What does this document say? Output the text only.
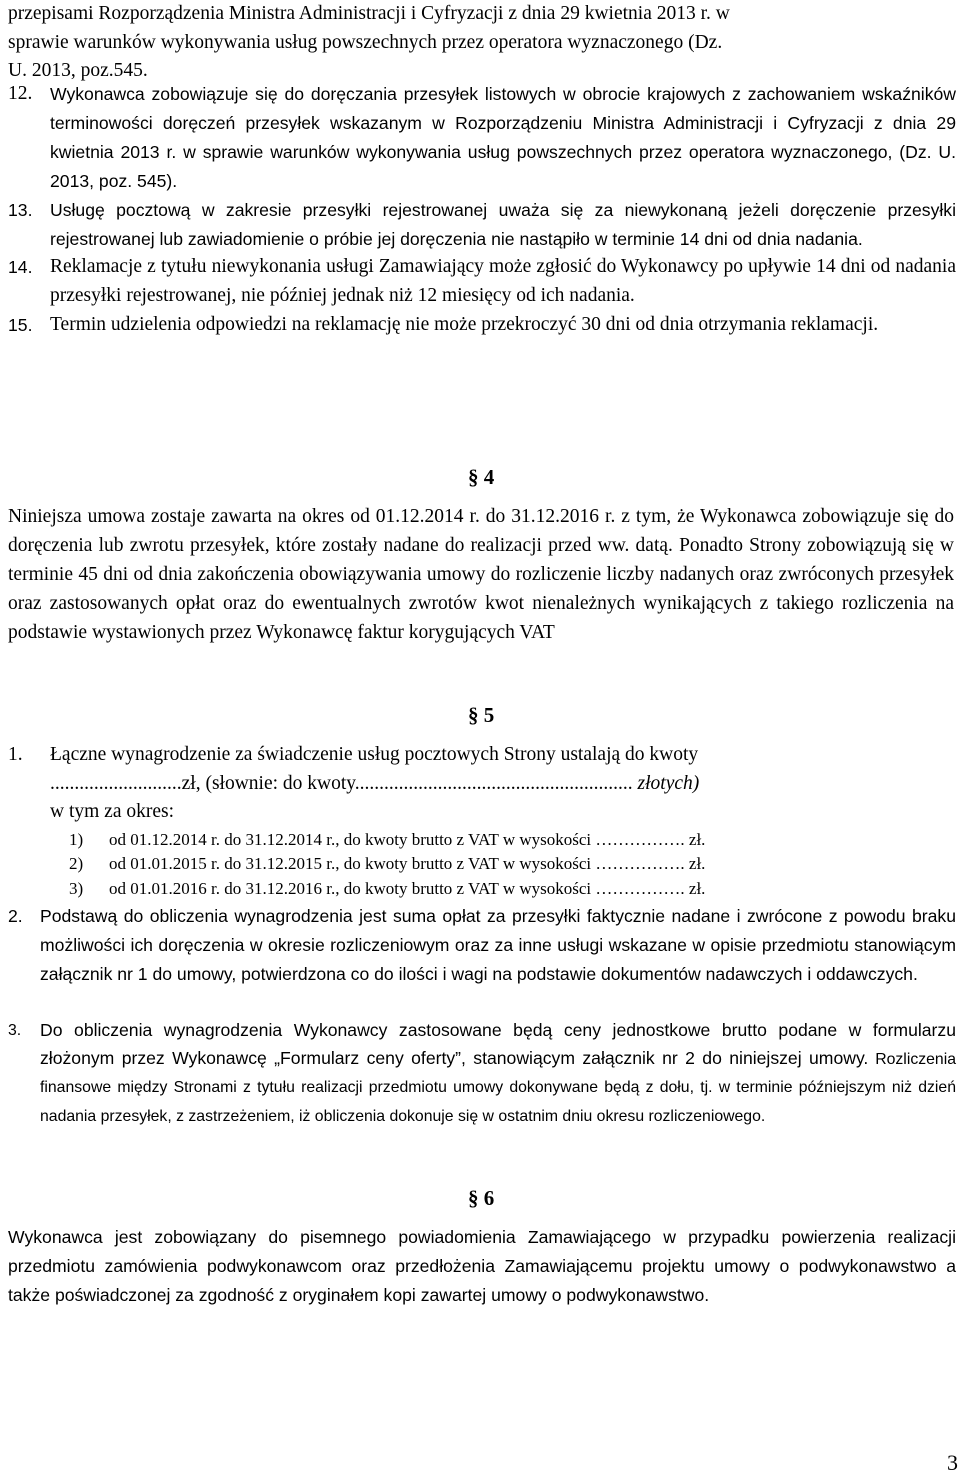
przepisami Rozporządzenia Ministra Administracji i Cyfryzacji z dnia 29 kwietnia 2013 r. w

sprawie warunków wykonywania usług powszechnych przez operatora wyznaczonego (Dz.

U. 2013, poz.545.

12.	Wykonawca zobowiązuje się do doręczania przesyłek listowych w obrocie krajowych z zachowaniem wskaźników terminowości doręczeń przesyłek wskazanym w Rozporządzeniu Ministra Administracji i Cyfryzacji z dnia 29 kwietnia 2013 r. w sprawie warunków wykonywania usług powszechnych przez operatora wyznaczonego, (Dz. U. 2013, poz. 545).
13. Usługę pocztową w zakresie przesyłki rejestrowanej uważa się za niewykonaną jeżeli doręczenie przesyłki rejestrowanej lub zawiadomienie o próbie jej doręczenia nie nastąpiło w terminie 14 dni od dnia nadania.
14. Reklamacje z tytułu niewykonania usługi Zamawiający może zgłosić do Wykonawcy po upływie 14 dni od nadania przesyłki rejestrowanej, nie później jednak niż 12 miesięcy od ich nadania.
15. Termin udzielenia odpowiedzi na reklamację nie może przekroczyć 30 dni od dnia otrzymania reklamacji.
§ 4
Niniejsza umowa zostaje zawarta na okres od 01.12.2014 r. do 31.12.2016 r. z tym, że Wykonawca zobowiązuje się do doręczenia lub zwrotu przesyłek, które zostały nadane do realizacji przed ww. datą. Ponadto Strony zobowiązują się w terminie 45 dni od dnia zakończenia obowiązywania umowy do rozliczenie liczby nadanych oraz zwróconych przesyłek oraz zastosowanych opłat oraz do ewentualnych zwrotów kwot nienależnych wynikających z takiego rozliczenia na podstawie wystawionych przez Wykonawcę faktur korygujących VAT
§ 5
1.	Łączne wynagrodzenie za świadczenie usług pocztowych Strony ustalają do kwoty
...........................zł, (słownie: do kwoty......................................................... złotych)
w tym za okres:
1)	od 01.12.2014 r. do 31.12.2014 r., do kwoty brutto z VAT w wysokości ……………. zł.
2)	od 01.01.2015 r. do 31.12.2015 r., do kwoty brutto z VAT w wysokości ……………. zł.
3)	od 01.01.2016 r. do 31.12.2016 r., do kwoty brutto z VAT w wysokości ……………. zł.
2. Podstawą do obliczenia wynagrodzenia jest suma opłat za przesyłki faktycznie nadane i zwrócone z powodu braku możliwości ich doręczenia w okresie rozliczeniowym oraz za inne usługi wskazane w opisie przedmiotu stanowiącym załącznik nr 1 do umowy, potwierdzona co do ilości i wagi na podstawie dokumentów nadawczych i oddawczych.
3.	Do obliczenia wynagrodzenia Wykonawcy zastosowane będą ceny jednostkowe brutto podane w formularzu złożonym przez Wykonawcę „Formularz ceny oferty”, stanowiącym załącznik nr 2 do niniejszej umowy. Rozliczenia finansowe między Stronami z tytułu realizacji przedmiotu umowy dokonywane będą z dołu, tj. w terminie późniejszym niż dzień nadania przesyłek, z zastrzeżeniem, iż obliczenia dokonuje się w ostatnim dniu okresu rozliczeniowego.
§ 6
Wykonawca jest zobowiązany do pisemnego powiadomienia Zamawiającego w przypadku powierzenia realizacji przedmiotu zamówienia podwykonawcom oraz przedłożenia Zamawiającemu projektu umowy o podwykonawstwo a także poświadczonej za zgodność z oryginałem kopi zawartej umowy o podwykonawstwo.
3
